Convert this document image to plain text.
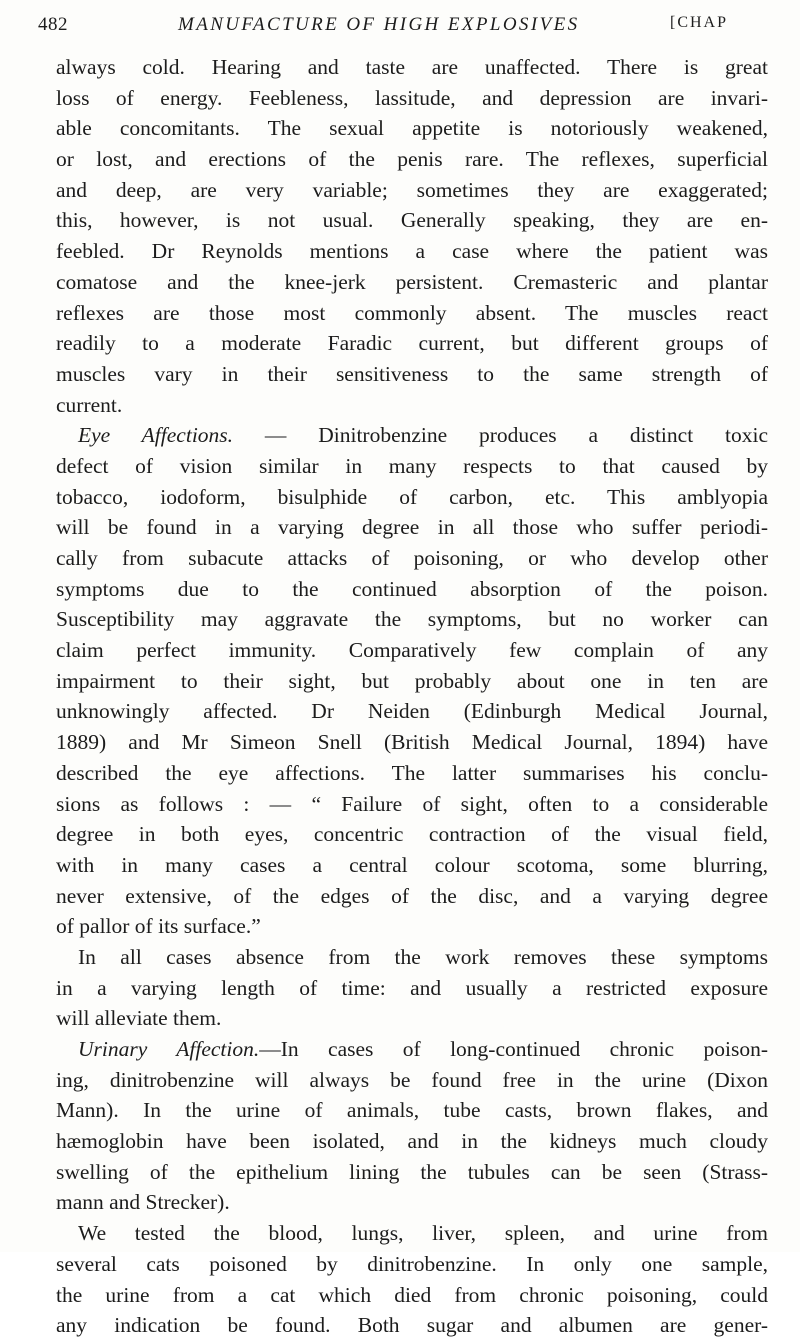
482	MANUFACTURE OF HIGH EXPLOSIVES	[CHAP
always cold. Hearing and taste are unaffected. There is great
loss of energy. Feebleness, lassitude, and depression are invari-
able concomitants. The sexual appetite is notoriously weakened,
or lost, and erections of the penis rare. The reflexes, superficial
and deep, are very variable; sometimes they are exaggerated;
this, however, is not usual. Generally speaking, they are en-
feebled. Dr Reynolds mentions a case where the patient was
comatose and the knee-jerk persistent. Cremasteric and plantar
reflexes are those most commonly absent. The muscles react
readily to a moderate Faradic current, but different groups of
muscles vary in their sensitiveness to the same strength of
current.
Eye Affections. — Dinitrobenzine produces a distinct toxic
defect of vision similar in many respects to that caused by
tobacco, iodoform, bisulphide of carbon, etc. This amblyopia
will be found in a varying degree in all those who suffer periodi-
cally from subacute attacks of poisoning, or who develop other
symptoms due to the continued absorption of the poison.
Susceptibility may aggravate the symptoms, but no worker can
claim perfect immunity. Comparatively few complain of any
impairment to their sight, but probably about one in ten are
unknowingly affected. Dr Neiden (Edinburgh Medical Journal,
1889) and Mr Simeon Snell (British Medical Journal, 1894) have
described the eye affections. The latter summarises his conclu-
sions as follows : — “ Failure of sight, often to a considerable
degree in both eyes, concentric contraction of the visual field,
with in many cases a central colour scotoma, some blurring,
never extensive, of the edges of the disc, and a varying degree
of pallor of its surface.”
In all cases absence from the work removes these symptoms
in a varying length of time: and usually a restricted exposure
will alleviate them.
Urinary Affection.—In cases of long-continued chronic poison-
ing, dinitrobenzine will always be found free in the urine (Dixon
Mann). In the urine of animals, tube casts, brown flakes, and
hæmoglobin have been isolated, and in the kidneys much cloudy
swelling of the epithelium lining the tubules can be seen (Strass-
mann and Strecker).
We tested the blood, lungs, liver, spleen, and urine from
several cats poisoned by dinitrobenzine. In only one sample,
the urine from a cat which died from chronic poisoning, could
any indication be found. Both sugar and albumen are gener-
